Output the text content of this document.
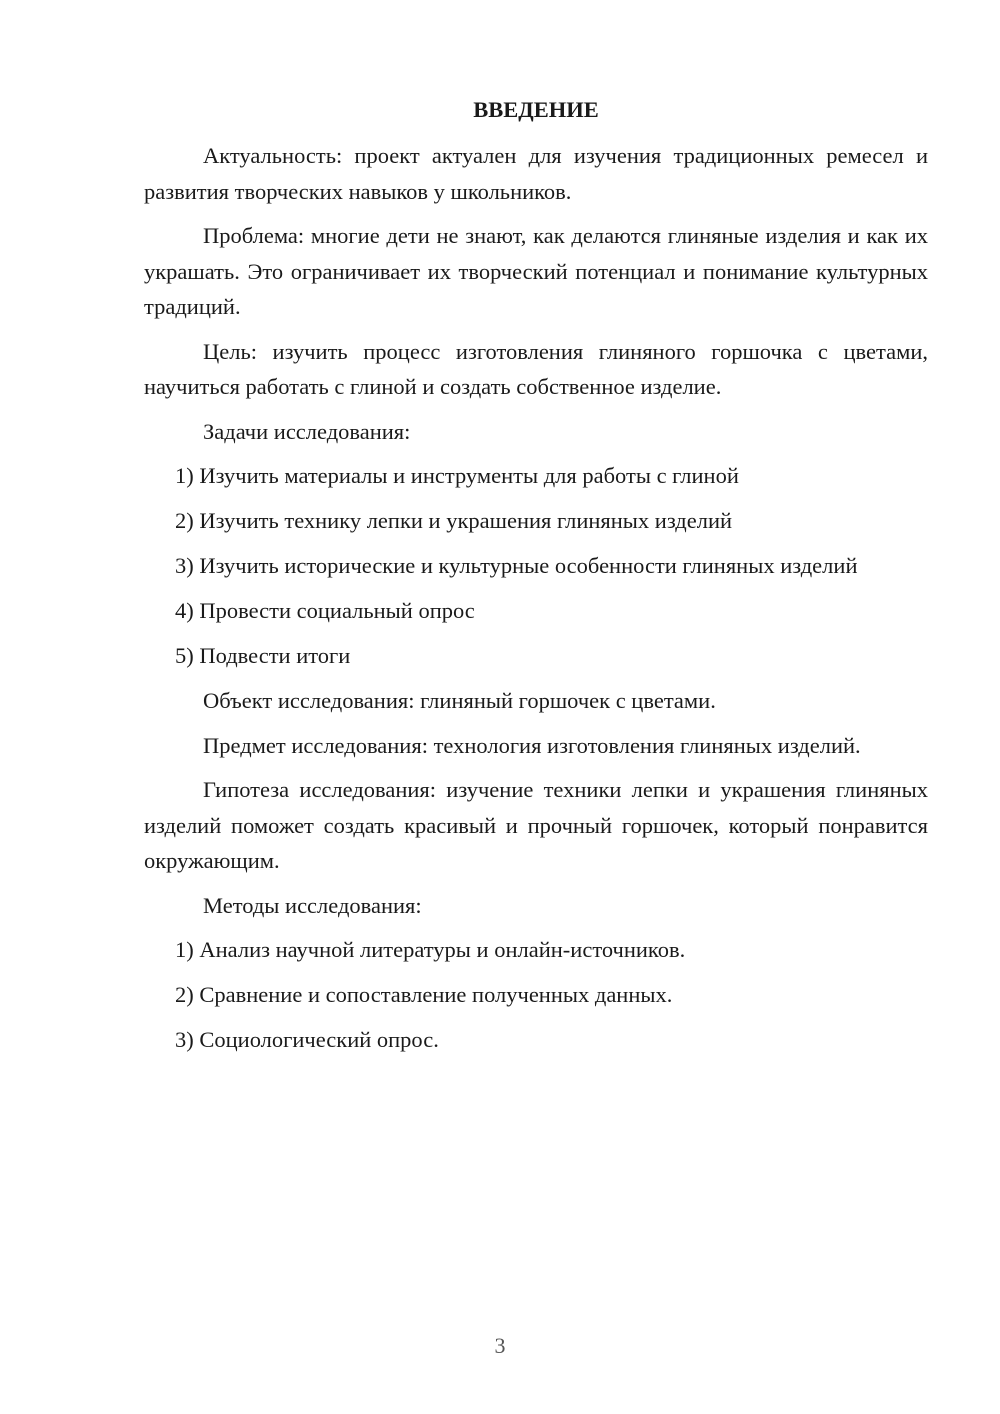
ВВЕДЕНИЕ

Актуальность: проект актуален для изучения традиционных ремесел и развития творческих навыков у школьников.

Проблема: многие дети не знают, как делаются глиняные изделия и как их украшать. Это ограничивает их творческий потенциал и понимание культурных традиций.

Цель: изучить процесс изготовления глиняного горшочка с цветами, научиться работать с глиной и создать собственное изделие.

Задачи исследования:

1) Изучить материалы и инструменты для работы с глиной
2) Изучить технику лепки и украшения глиняных изделий
3) Изучить исторические и культурные особенности глиняных изделий
4) Провести социальный опрос
5) Подвести итоги

Объект исследования: глиняный горшочек с цветами.

Предмет исследования: технология изготовления глиняных изделий.

Гипотеза исследования: изучение техники лепки и украшения глиняных изделий поможет создать красивый и прочный горшочек, который понравится окружающим.

Методы исследования:

1) Анализ научной литературы и онлайн-источников.
2) Сравнение и сопоставление полученных данных.
3) Социологический опрос.
3
